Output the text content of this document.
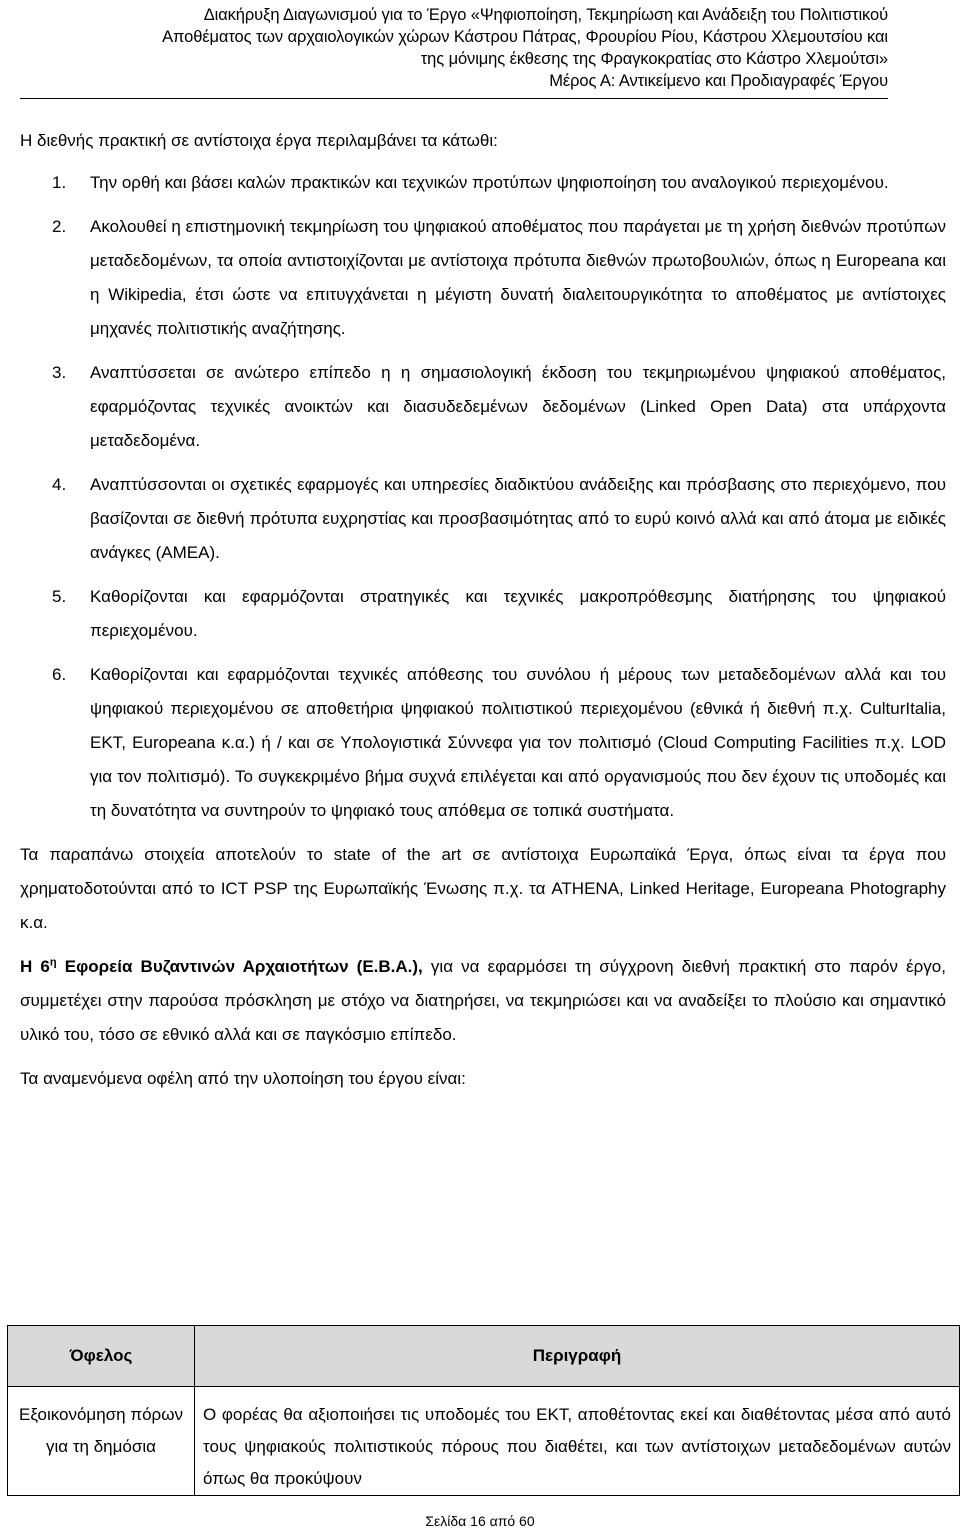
Διακήρυξη Διαγωνισμού για το Έργο «Ψηφιοποίηση, Τεκμηρίωση και Ανάδειξη του Πολιτιστικού
Αποθέματος των αρχαιολογικών χώρων Κάστρου Πάτρας, Φρουρίου Ρίου, Κάστρου Χλεμουτσίου και
της μόνιμης έκθεσης της Φραγκοκρατίας στο Κάστρο Χλεμούτσι»
Μέρος Α: Αντικείμενο και Προδιαγραφές Έργου

Η διεθνής πρακτική σε αντίστοιχα έργα περιλαμβάνει τα κάτωθι:

1. Την ορθή και βάσει καλών πρακτικών και τεχνικών προτύπων ψηφιοποίηση του αναλογικού περιεχομένου.
2. Ακολουθεί η επιστημονική τεκμηρίωση του ψηφιακού αποθέματος που παράγεται με τη χρήση διεθνών προτύπων μεταδεδομένων, τα οποία αντιστοιχίζονται με αντίστοιχα πρότυπα διεθνών πρωτοβουλιών, όπως η Europeana και η Wikipedia, έτσι ώστε να επιτυγχάνεται η μέγιστη δυνατή διαλειτουργικότητα το αποθέματος με αντίστοιχες μηχανές πολιτιστικής αναζήτησης.
3. Αναπτύσσεται σε ανώτερο επίπεδο η η σημασιολογική έκδοση του τεκμηριωμένου ψηφιακού αποθέματος, εφαρμόζοντας τεχνικές ανοικτών και διασυδεδεμένων δεδομένων (Linked Open Data) στα υπάρχοντα μεταδεδομένα.
4. Αναπτύσσονται οι σχετικές εφαρμογές και υπηρεσίες διαδικτύου ανάδειξης και πρόσβασης στο περιεχόμενο, που βασίζονται σε διεθνή πρότυπα ευχρηστίας και προσβασιμότητας από το ευρύ κοινό αλλά και από άτομα με ειδικές ανάγκες (ΑΜΕΑ).
5. Καθορίζονται και εφαρμόζονται στρατηγικές και τεχνικές μακροπρόθεσμης διατήρησης του ψηφιακού περιεχομένου.
6. Καθορίζονται και εφαρμόζονται τεχνικές απόθεσης του συνόλου ή μέρους των μεταδεδομένων αλλά και του ψηφιακού περιεχομένου σε αποθετήρια ψηφιακού πολιτιστικού περιεχομένου (εθνικά ή διεθνή π.χ. CulturItalia, ΕΚΤ, Europeana κ.α.) ή / και σε Υπολογιστικά Σύννεφα για τον πολιτισμό (Cloud Computing Facilities π.χ. LOD για τον πολιτισμό). Το συγκεκριμένο βήμα συχνά επιλέγεται και από οργανισμούς που δεν έχουν τις υποδομές και τη δυνατότητα να συντηρούν το ψηφιακό τους απόθεμα σε τοπικά συστήματα.

Τα παραπάνω στοιχεία αποτελούν το state of the art σε αντίστοιχα Ευρωπαϊκά Έργα, όπως είναι τα έργα που χρηματοδοτούνται από το ICT PSP της Ευρωπαϊκής Ένωσης π.χ. τα ATHENA, Linked Heritage, Europeana Photography κ.α.

Η $6^\eta$ Εφορεία Βυζαντινών Αρχαιοτήτων (Ε.Β.Α.), για να εφαρμόσει τη σύγχρονη διεθνή πρακτική στο παρόν έργο, συμμετέχει στην παρούσα πρόσκληση με στόχο να διατηρήσει, να τεκμηριώσει και να αναδείξει το πλούσιο και σημαντικό υλικό του, τόσο σε εθνικό αλλά και σε παγκόσμιο επίπεδο.

Τα αναμενόμενα οφέλη από την υλοποίηση του έργου είναι:

Όφελος	Περιγραφή
Εξοικονόμηση πόρων για τη δημόσια	Ο φορέας θα αξιοποιήσει τις υποδομές του ΕΚΤ, αποθέτοντας εκεί και διαθέτοντας μέσα από αυτό τους ψηφιακούς πολιτιστικούς πόρους που διαθέτει, και των αντίστοιχων μεταδεδομένων αυτών όπως θα προκύψουν
Σελίδα 16 από 60
